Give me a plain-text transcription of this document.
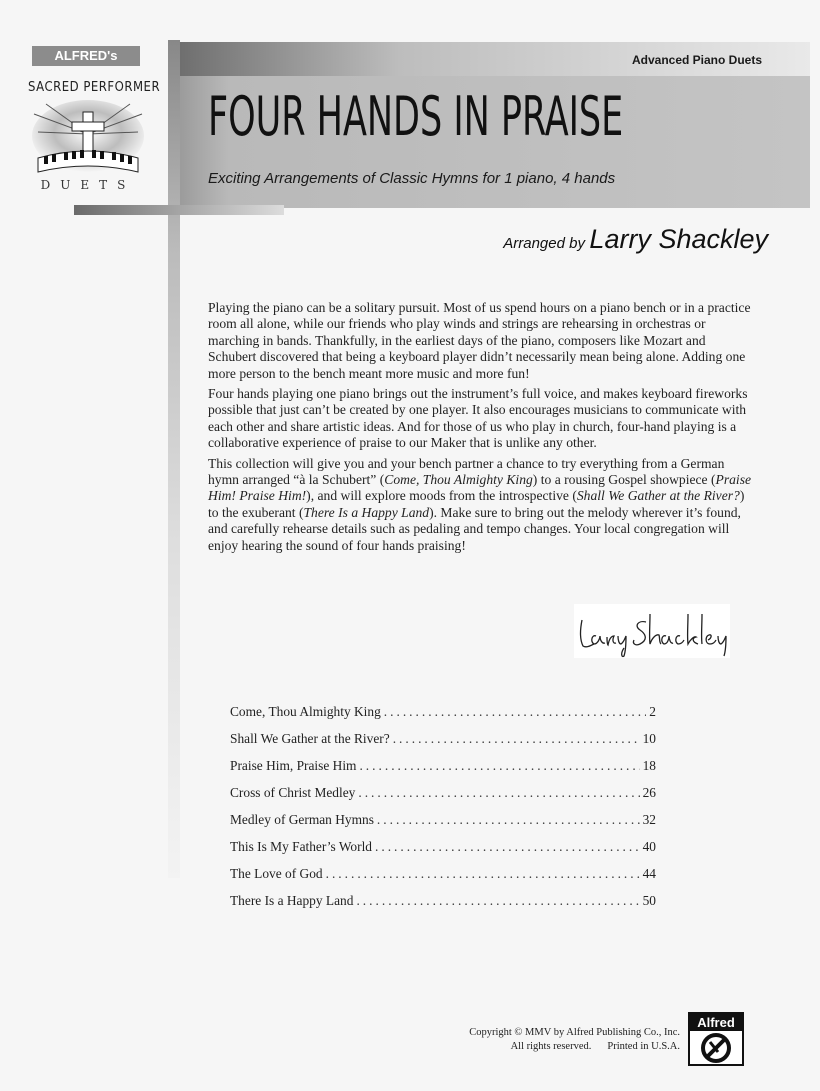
Advanced Piano Duets
FOUR HANDS IN PRAISE
Exciting Arrangements of Classic Hymns for 1 piano, 4 hands
ALFRED's
SACRED PERFORMER
DUETS
Arranged by Larry Shackley

Playing the piano can be a solitary pursuit. Most of us spend hours on a piano bench or in a practice room all alone, while our friends who play winds and strings are rehearsing in orchestras or marching in bands. Thankfully, in the earliest days of the piano, composers like Mozart and Schubert discovered that being a keyboard player didn’t necessarily mean being alone. Adding one more person to the bench meant more music and more fun!

Four hands playing one piano brings out the instrument’s full voice, and makes keyboard fireworks possible that just can’t be created by one player. It also encourages musicians to communicate with each other and share artistic ideas. And for those of us who play in church, four-hand playing is a collaborative experience of praise to our Maker that is unlike any other.

This collection will give you and your bench partner a chance to try everything from a German hymn arranged “à la Schubert” (Come, Thou Almighty King) to a rousing Gospel showpiece (Praise Him! Praise Him!), and will explore moods from the introspective (Shall We Gather at the River?) to the exuberant (There Is a Happy Land). Make sure to bring out the melody wherever it’s found, and carefully rehearse details such as pedaling and tempo changes. Your local congregation will enjoy hearing the sound of four hands praising!

Come, Thou Almighty King .....	2
Shall We Gather at the River? .....	10
Praise Him, Praise Him .....	18
Cross of Christ Medley .....	26
Medley of German Hymns .....	32
This Is My Father’s World .....	40
The Love of God .....	44
There Is a Happy Land .....	50
Copyright © MMV by Alfred Publishing Co., Inc.
All rights reserved. Printed in U.S.A.
Alfred
